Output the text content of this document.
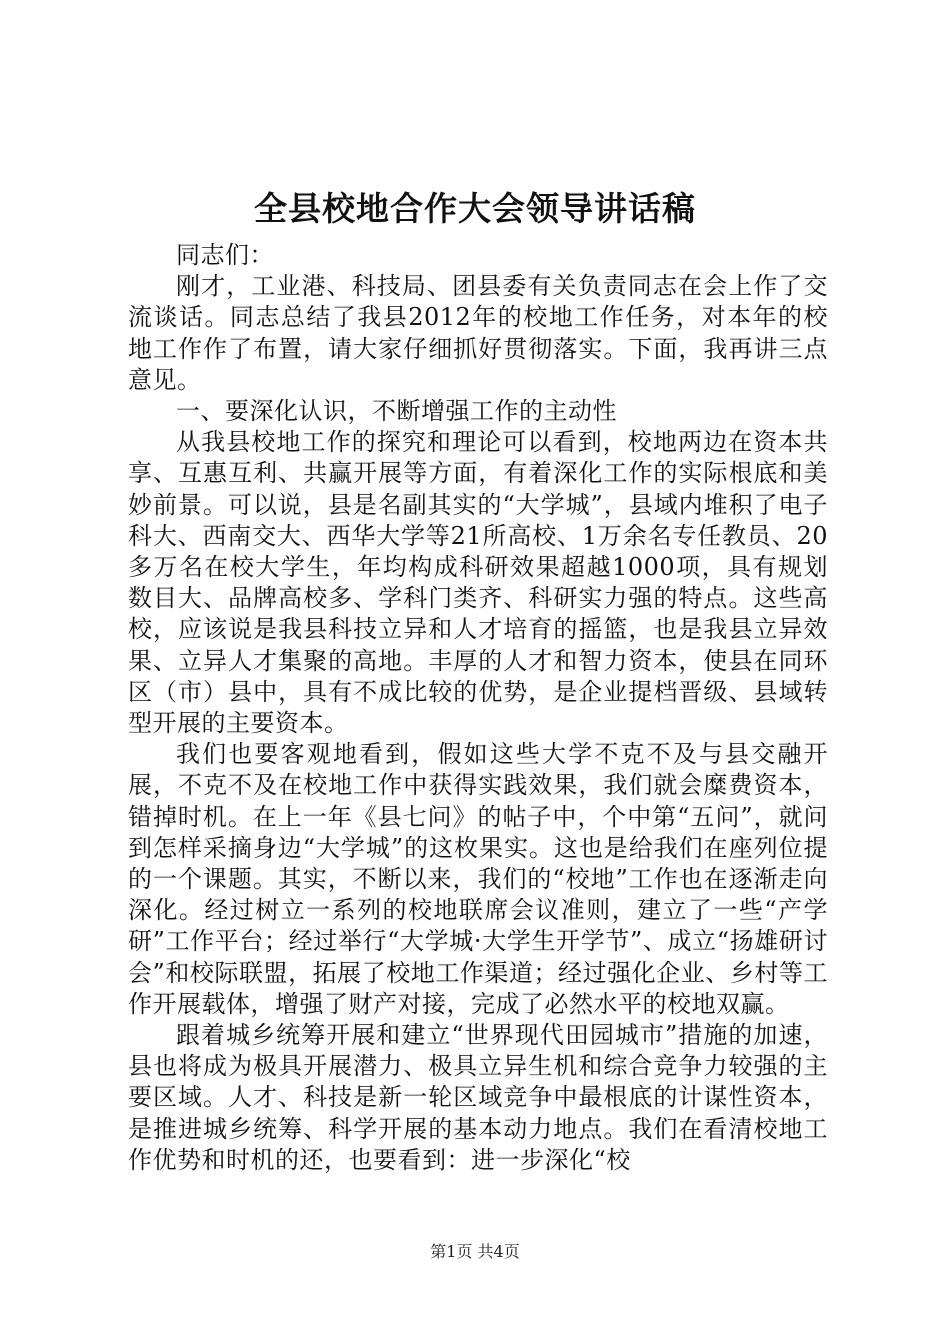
全县校地合作大会领导讲话稿

同志们：

刚才，工业港、科技局、团县委有关负责同志在会上作了交流谈话。同志总结了我县2012年的校地工作任务，对本年的校地工作作了布置，请大家仔细抓好贯彻落实。下面，我再讲三点意见。

一、要深化认识，不断增强工作的主动性

从我县校地工作的探究和理论可以看到，校地两边在资本共享、互惠互利、共赢开展等方面，有着深化工作的实际根底和美妙前景。可以说，县是名副其实的“大学城”，县域内堆积了电子科大、西南交大、西华大学等21所高校、1万余名专任教员、20多万名在校大学生，年均构成科研效果超越1000项，具有规划数目大、品牌高校多、学科门类齐、科研实力强的特点。这些高校，应该说是我县科技立异和人才培育的摇篮，也是我县立异效果、立异人才集聚的高地。丰厚的人才和智力资本，使县在同环区（市）县中，具有不成比较的优势，是企业提档晋级、县域转型开展的主要资本。

我们也要客观地看到，假如这些大学不克不及与县交融开展，不克不及在校地工作中获得实践效果，我们就会糜费资本，错掉时机。在上一年《县七问》的帖子中，个中第“五问”，就问到怎样采摘身边“大学城”的这枚果实。这也是给我们在座列位提的一个课题。其实，不断以来，我们的“校地”工作也在逐渐走向深化。经过树立一系列的校地联席会议准则，建立了一些“产学研”工作平台；经过举行“大学城·大学生开学节”、成立“扬雄研讨会”和校际联盟，拓展了校地工作渠道；经过强化企业、乡村等工作开展载体，增强了财产对接，完成了必然水平的校地双赢。

跟着城乡统筹开展和建立“世界现代田园城市”措施的加速，县也将成为极具开展潜力、极具立异生机和综合竞争力较强的主要区域。人才、科技是新一轮区域竞争中最根底的计谋性资本，是推进城乡统筹、科学开展的基本动力地点。我们在看清校地工作优势和时机的还，也要看到：进一步深化“校

第1页 共4页
